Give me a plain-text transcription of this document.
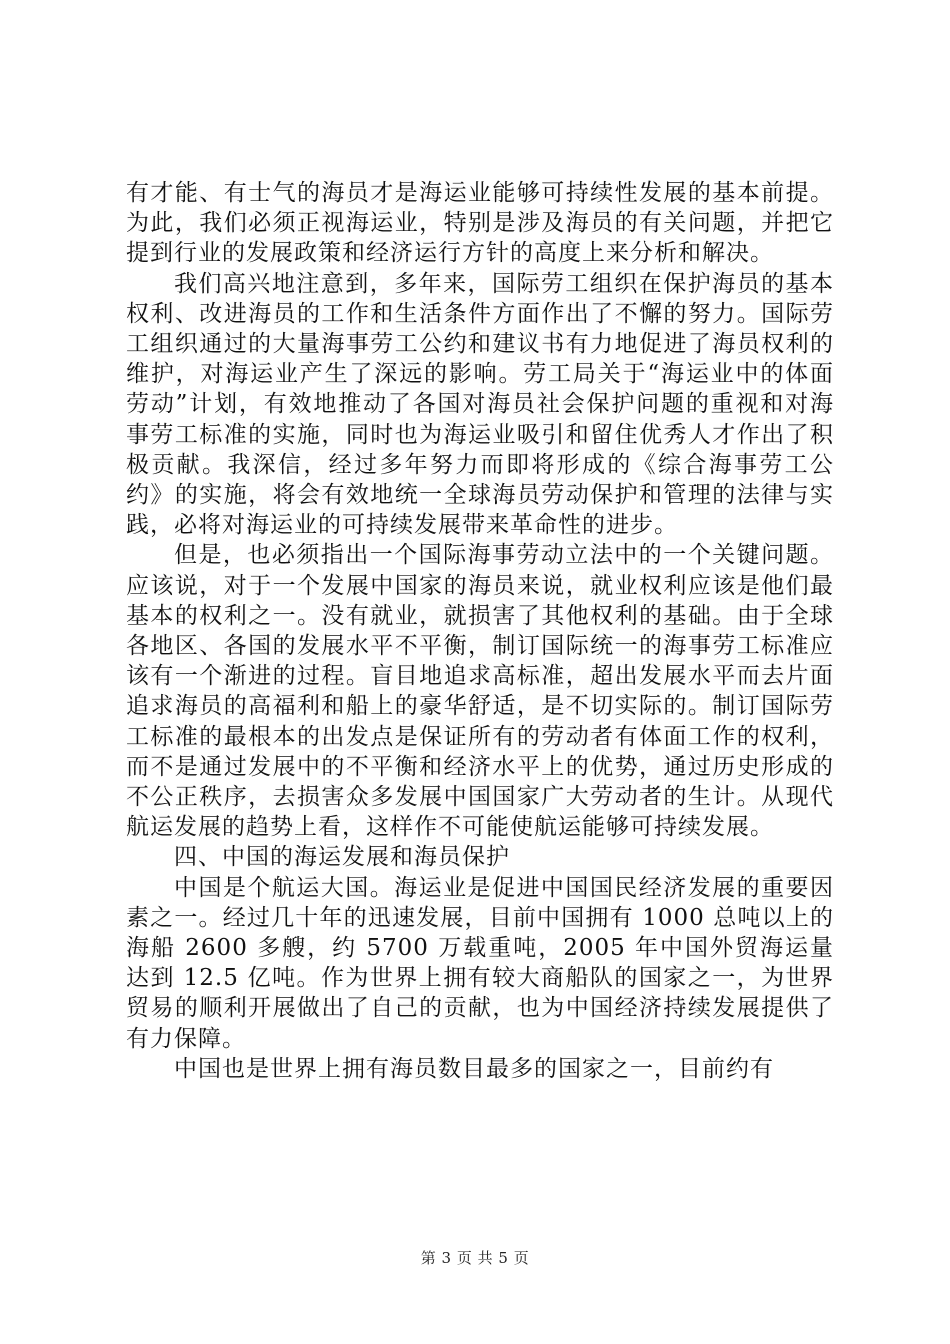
有才能、有士气的海员才是海运业能够可持续性发展的基本前提。为此，我们必须正视海运业，特别是涉及海员的有关问题，并把它提到行业的发展政策和经济运行方针的高度上来分析和解决。

我们高兴地注意到，多年来，国际劳工组织在保护海员的基本权利、改进海员的工作和生活条件方面作出了不懈的努力。国际劳工组织通过的大量海事劳工公约和建议书有力地促进了海员权利的维护，对海运业产生了深远的影响。劳工局关于“海运业中的体面劳动”计划，有效地推动了各国对海员社会保护问题的重视和对海事劳工标准的实施，同时也为海运业吸引和留住优秀人才作出了积极贡献。我深信，经过多年努力而即将形成的《综合海事劳工公约》的实施，将会有效地统一全球海员劳动保护和管理的法律与实践，必将对海运业的可持续发展带来革命性的进步。

但是，也必须指出一个国际海事劳动立法中的一个关键问题。应该说，对于一个发展中国家的海员来说，就业权利应该是他们最基本的权利之一。没有就业，就损害了其他权利的基础。由于全球各地区、各国的发展水平不平衡，制订国际统一的海事劳工标准应该有一个渐进的过程。盲目地追求高标准，超出发展水平而去片面追求海员的高福利和船上的豪华舒适，是不切实际的。制订国际劳工标准的最根本的出发点是保证所有的劳动者有体面工作的权利，而不是通过发展中的不平衡和经济水平上的优势，通过历史形成的不公正秩序，去损害众多发展中国国家广大劳动者的生计。从现代航运发展的趋势上看，这样作不可能使航运能够可持续发展。

四、中国的海运发展和海员保护

中国是个航运大国。海运业是促进中国国民经济发展的重要因素之一。经过几十年的迅速发展，目前中国拥有 1000 总吨以上的海船 2600 多艘，约 5700 万载重吨，2005 年中国外贸海运量达到 12.5 亿吨。作为世界上拥有较大商船队的国家之一，为世界贸易的顺利开展做出了自己的贡献，也为中国经济持续发展提供了有力保障。

中国也是世界上拥有海员数目最多的国家之一，目前约有

第 3 页 共 5 页
